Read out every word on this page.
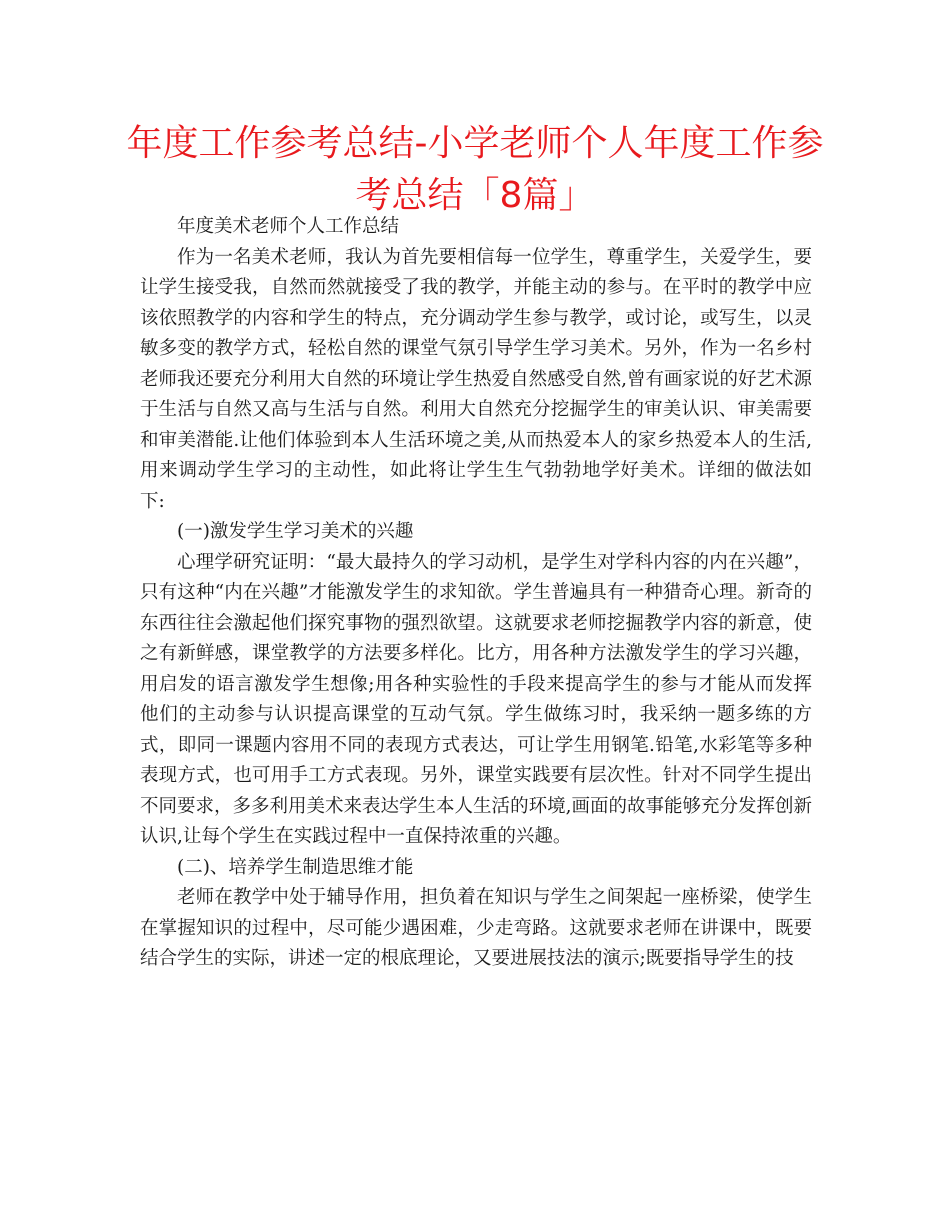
年度工作参考总结-小学老师个人年度工作参考总结「8篇」

年度美术老师个人工作总结

作为一名美术老师，我认为首先要相信每一位学生，尊重学生，关爱学生，要让学生接受我，自然而然就接受了我的教学，并能主动的参与。在平时的教学中应该依照教学的内容和学生的特点，充分调动学生参与教学，或讨论，或写生，以灵敏多变的教学方式，轻松自然的课堂气氛引导学生学习美术。另外，作为一名乡村老师我还要充分利用大自然的环境让学生热爱自然感受自然,曾有画家说的好艺术源于生活与自然又高与生活与自然。利用大自然充分挖掘学生的审美认识、审美需要和审美潜能.让他们体验到本人生活环境之美,从而热爱本人的家乡热爱本人的生活,用来调动学生学习的主动性，如此将让学生生气勃勃地学好美术。详细的做法如下:

(一)激发学生学习美术的兴趣

心理学研究证明：“最大最持久的学习动机，是学生对学科内容的内在兴趣”，只有这种“内在兴趣”才能激发学生的求知欲。学生普遍具有一种猎奇心理。新奇的东西往往会激起他们探究事物的强烈欲望。这就要求老师挖掘教学内容的新意，使之有新鲜感，课堂教学的方法要多样化。比方，用各种方法激发学生的学习兴趣，用启发的语言激发学生想像;用各种实验性的手段来提高学生的参与才能从而发挥他们的主动参与认识提高课堂的互动气氛。学生做练习时，我采纳一题多练的方式，即同一课题内容用不同的表现方式表达，可让学生用钢笔.铅笔,水彩笔等多种表现方式，也可用手工方式表现。另外，课堂实践要有层次性。针对不同学生提出不同要求，多多利用美术来表达学生本人生活的环境,画面的故事能够充分发挥创新认识,让每个学生在实践过程中一直保持浓重的兴趣。

(二)、培养学生制造思维才能

老师在教学中处于辅导作用，担负着在知识与学生之间架起一座桥梁，使学生在掌握知识的过程中，尽可能少遇困难，少走弯路。这就要求老师在讲课中，既要结合学生的实际，讲述一定的根底理论，又要进展技法的演示;既要指导学生的技
